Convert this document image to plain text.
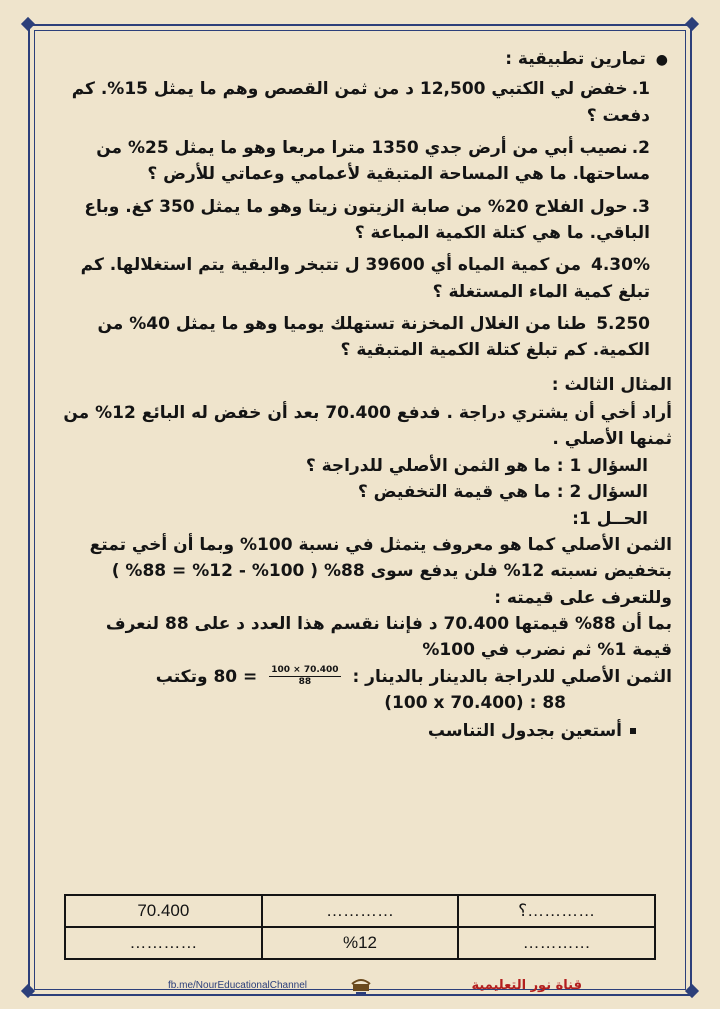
●تمارين تطبيقية :
1.خفض لي الكتبي 12,500 د من ثمن القصص وهم ما يمثل 15%. كم دفعت ؟
2.نصيب أبي من أرض جدي 1350 مترا مربعا وهو ما يمثل 25% من مساحتها. ما هي المساحة المتبقية لأعمامي وعماتي للأرض ؟
3.حول الفلاح 20% من صابة الزيتون زيتا وهو ما يمثل 350 كغ. وباع الباقي. ما هي كتلة الكمية المباعة ؟
4.30% من كمية المياه أي 39600 ل تتبخر والبقية يتم استغلالها. كم تبلغ كمية الماء المستغلة ؟
5.250 طنا من الغلال المخزنة تستهلك يوميا وهو ما يمثل 40% من الكمية. كم تبلغ كتلة الكمية المتبقية ؟
المثال الثالث :
أراد أخي أن يشتري دراجة . فدفع 70.400 بعد أن خفض له البائع 12% من ثمنها الأصلي .
السؤال 1 : ما هو الثمن الأصلي للدراجة ؟
السؤال 2 : ما هي قيمة التخفيض ؟
الحــل 1:
الثمن الأصلي كما هو معروف يتمثل في نسبة 100% وبما أن أخي تمتع
بتخفيض نسبته 12% فلن يدفع سوى 88% ( 100% - 12% = 88% )
وللتعرف على قيمته :
بما أن 88% قيمتها 70.400 د فإننا نقسم هذا العدد د على 88 لنعرف
قيمة 1% ثم نضرب في 100%
الثمن الأصلي للدراجة بالدينار بالدينار :
$\frac{100 \times 70.400}{88}$
= 80 وتكتب
(100 x 70.400) : 88
أستعين بجدول التناسب
70.400	…………	؟…………
…………	%12	…………
fb.me/NourEducationalChannel	قناة نور التعليمية
